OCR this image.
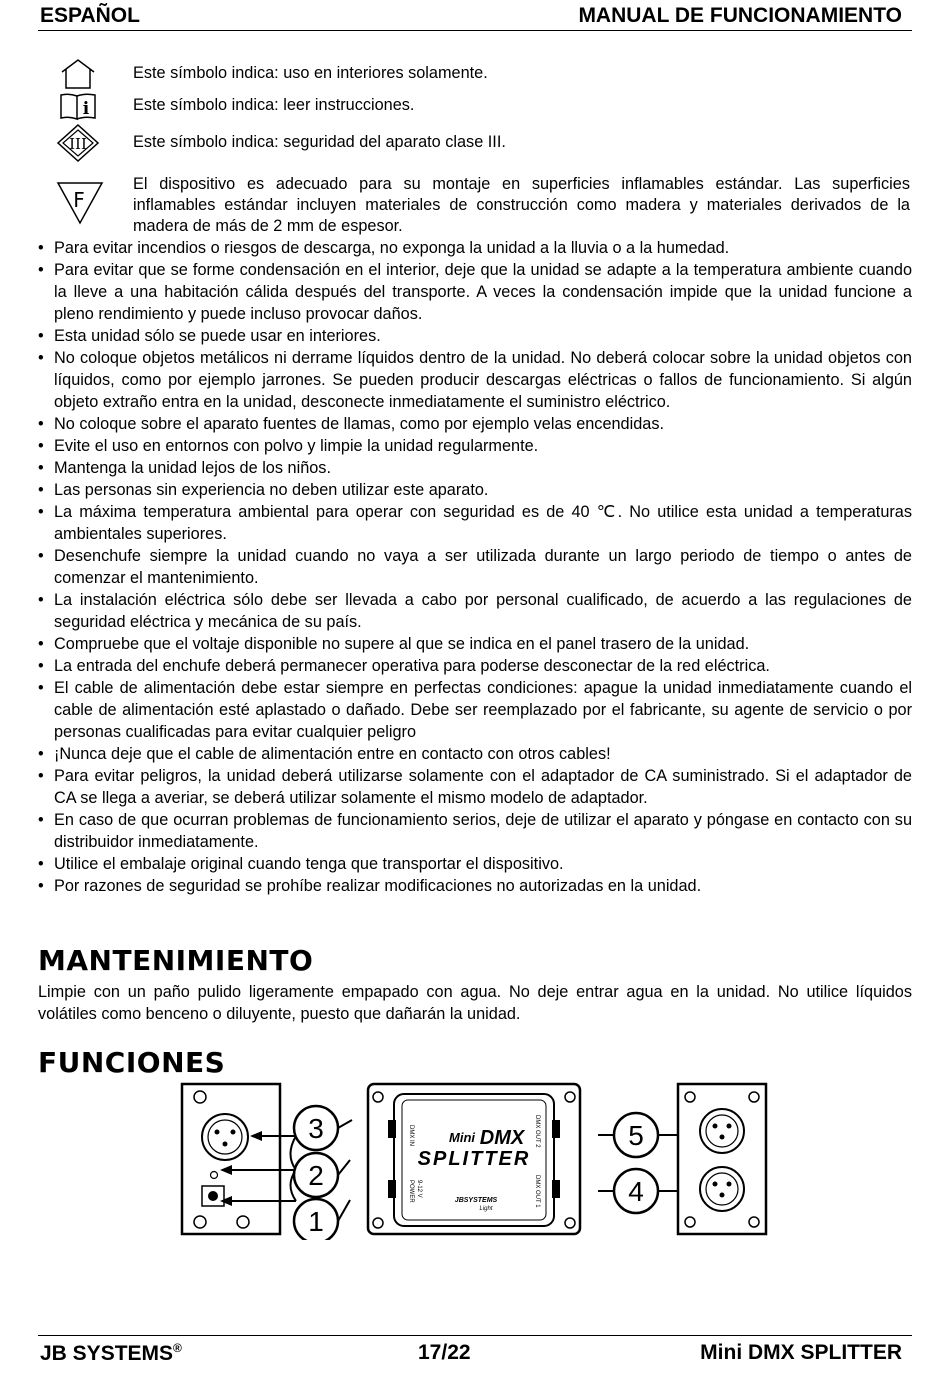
ESPAÑOL	MANUAL DE FUNCIONAMIENTO
i
III
F
Este símbolo indica: uso en interiores solamente.
Este símbolo indica: leer instrucciones.
Este símbolo indica: seguridad del aparato clase III.
El dispositivo es adecuado para su montaje en superficies inflamables estándar. Las superficies inflamables estándar incluyen materiales de construcción como madera y materiales derivados de la madera de más de 2 mm de espesor.
• Para evitar incendios o riesgos de descarga, no exponga la unidad a la lluvia o a la humedad.
• Para evitar que se forme condensación en el interior, deje que la unidad se adapte a la temperatura ambiente cuando la lleve a una habitación cálida después del transporte. A veces la condensación impide que la unidad funcione a pleno rendimiento y puede incluso provocar daños.
• Esta unidad sólo se puede usar en interiores.
• No coloque objetos metálicos ni derrame líquidos dentro de la unidad. No deberá colocar sobre la unidad objetos con líquidos, como por ejemplo jarrones. Se pueden producir descargas eléctricas o fallos de funcionamiento. Si algún objeto extraño entra en la unidad, desconecte inmediatamente el suministro eléctrico.
• No coloque sobre el aparato fuentes de llamas, como por ejemplo velas encendidas.
• Evite el uso en entornos con polvo y limpie la unidad regularmente.
• Mantenga la unidad lejos de los niños.
• Las personas sin experiencia no deben utilizar este aparato.
• La máxima temperatura ambiental para operar con seguridad es de 40 ℃. No utilice esta unidad a temperaturas ambientales superiores.
• Desenchufe siempre la unidad cuando no vaya a ser utilizada durante un largo periodo de tiempo o antes de comenzar el mantenimiento.
• La instalación eléctrica sólo debe ser llevada a cabo por personal cualificado, de acuerdo a las regulaciones de seguridad eléctrica y mecánica de su país.
• Compruebe que el voltaje disponible no supere al que se indica en el panel trasero de la unidad.
• La entrada del enchufe deberá permanecer operativa para poderse desconectar de la red eléctrica.
• El cable de alimentación debe estar siempre en perfectas condiciones: apague la unidad inmediatamente cuando el cable de alimentación esté aplastado o dañado. Debe ser reemplazado por el fabricante, su agente de servicio o por personas cualificadas para evitar cualquier peligro
• ¡Nunca deje que el cable de alimentación entre en contacto con otros cables!
• Para evitar peligros, la unidad deberá utilizarse solamente con el adaptador de CA suministrado. Si el adaptador de CA se llega a averiar, se deberá utilizar solamente el mismo modelo de adaptador.
• En caso de que ocurran problemas de funcionamiento serios, deje de utilizar el aparato y póngase en contacto con su distribuidor inmediatamente.
• Utilice el embalaje original cuando tenga que transportar el dispositivo.
• Por razones de seguridad se prohíbe realizar modificaciones no autorizadas en la unidad.
MANTENIMIENTO
Limpie con un paño pulido ligeramente empapado con agua. No deje entrar agua en la unidad. No utilice líquidos volátiles como benceno o diluyente, puesto que dañarán la unidad.
FUNCIONES
3
2
1
Mini DMX
SPLITTER
JBSYSTEMS
Light
DMX IN
POWER 9-12 V
DMX OUT 2
DMX OUT 1
5
4
JB SYSTEMS®	17/22	Mini DMX SPLITTER
